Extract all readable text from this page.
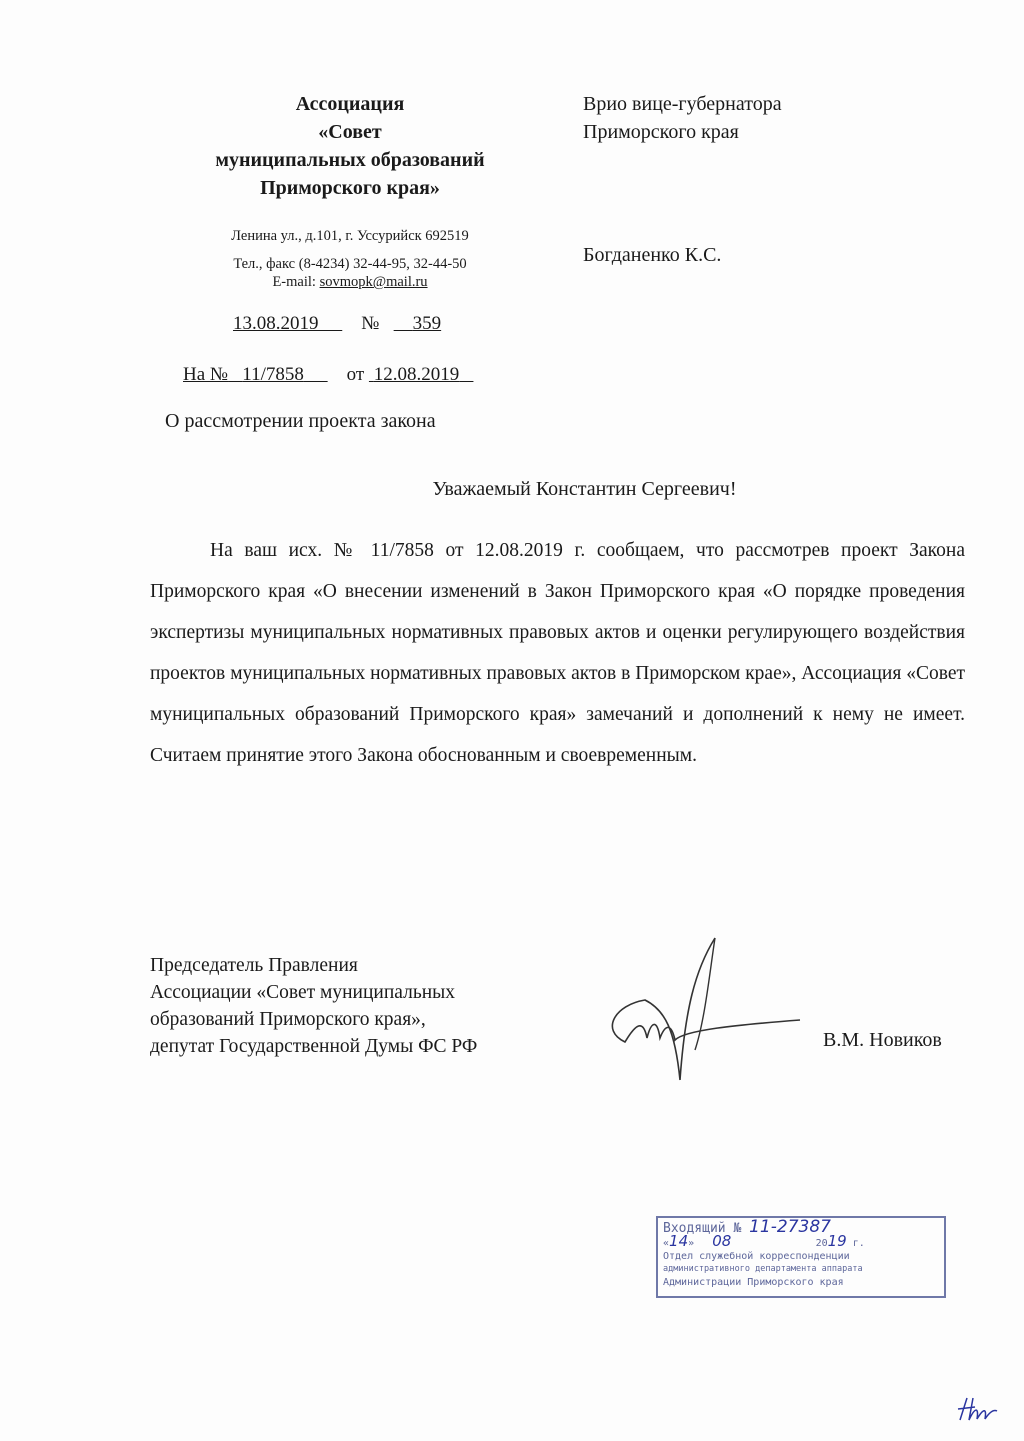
Ассоциация
«Совет
муниципальных образований
Приморского края»
Ленина ул., д.101, г. Уссурийск 692519
Тел., факс (8-4234) 32-44-95, 32-44-50
E-mail: sovmopk@mail.ru
13.08.2019 № 359
На № 11/7858 от 12.08.2019
О рассмотрении проекта закона
Врио вице-губернатора
Приморского края
Богданенко К.С.
Уважаемый Константин Сергеевич!
На ваш исх. № 11/7858 от 12.08.2019 г. сообщаем, что рассмотрев проект Закона Приморского края «О внесении изменений в Закон Приморского края «О порядке проведения экспертизы муниципальных нормативных правовых актов и оценки регулирующего воздействия проектов муниципальных нормативных правовых актов в Приморском крае», Ассоциация «Совет муниципальных образований Приморского края» замечаний и дополнений к нему не имеет. Считаем принятие этого Закона обоснованным и своевременным.
Председатель Правления
Ассоциации «Совет муниципальных
образований Приморского края»,
депутат Государственной Думы ФС РФ	В.М. Новиков
Входящий № 11-27387
«14»   08              2019 г.
Отдел служебной корреспонденции
административного департамента аппарата
Администрации Приморского края
